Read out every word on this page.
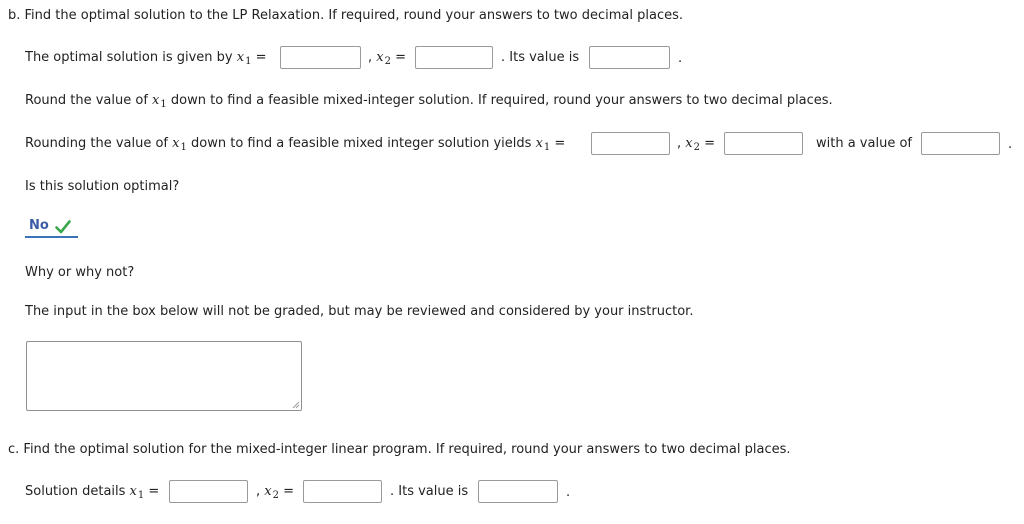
b. Find the optimal solution to the LP Relaxation. If required, round your answers to two decimal places.
The optimal solution is given by $x_1$ =	, $x_2$ =	. Its value is	.
Round the value of $x_1$ down to find a feasible mixed-integer solution. If required, round your answers to two decimal places.
Rounding the value of $x_1$ down to find a feasible mixed integer solution yields $x_1$ =	, $x_2$ =	with a value of	.
Is this solution optimal?
No
Why or why not?
The input in the box below will not be graded, but may be reviewed and considered by your instructor.
c. Find the optimal solution for the mixed-integer linear program. If required, round your answers to two decimal places.
Solution details $x_1$ =	, $x_2$ =	. Its value is	.
